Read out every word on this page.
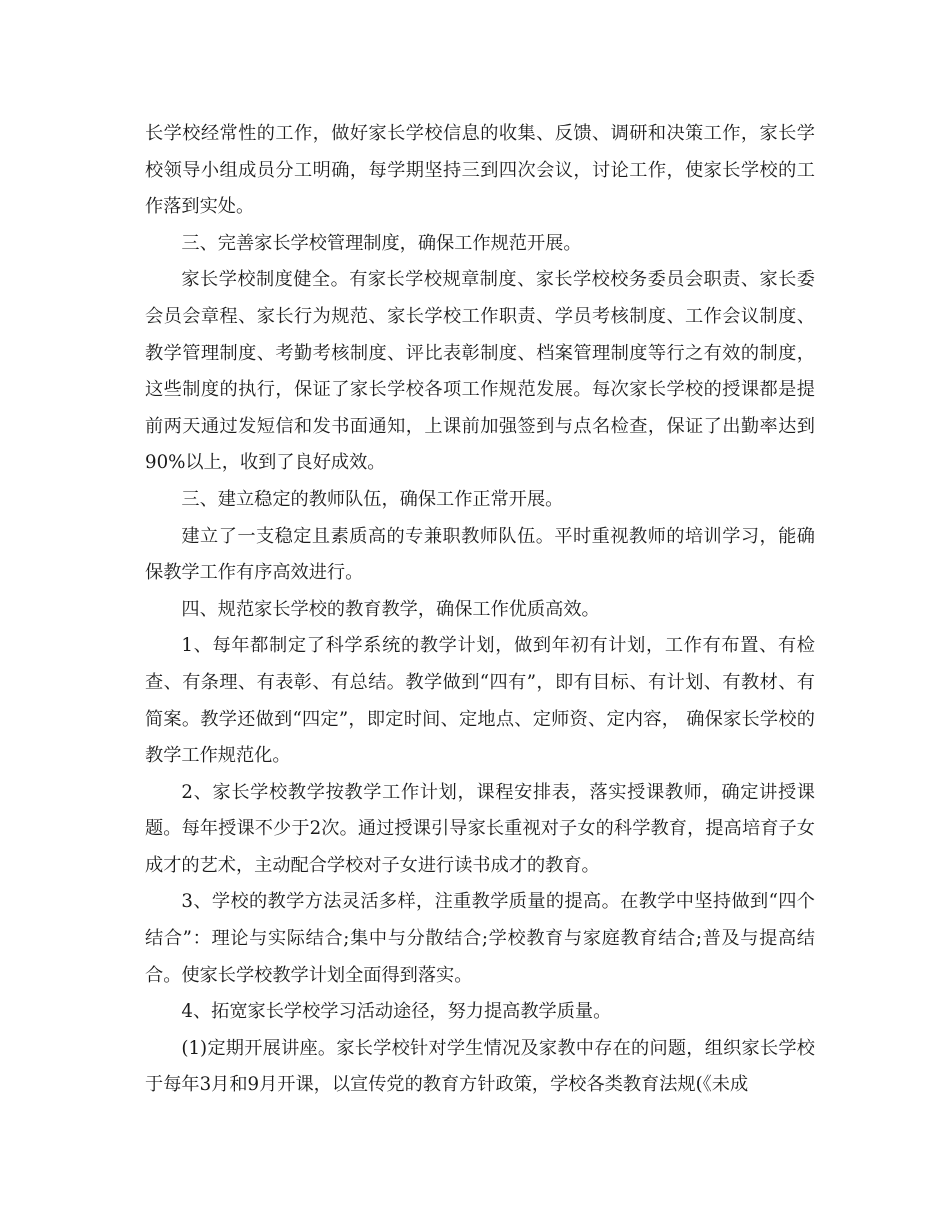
长学校经常性的工作，做好家长学校信息的收集、反馈、调研和决策工作，家长学校领导小组成员分工明确，每学期坚持三到四次会议，讨论工作，使家长学校的工作落到实处。

三、完善家长学校管理制度，确保工作规范开展。

家长学校制度健全。有家长学校规章制度、家长学校校务委员会职责、家长委会员会章程、家长行为规范、家长学校工作职责、学员考核制度、工作会议制度、教学管理制度、考勤考核制度、评比表彰制度、档案管理制度等行之有效的制度，这些制度的执行，保证了家长学校各项工作规范发展。每次家长学校的授课都是提前两天通过发短信和发书面通知，上课前加强签到与点名检查，保证了出勤率达到90%以上，收到了良好成效。

三、建立稳定的教师队伍，确保工作正常开展。

建立了一支稳定且素质高的专兼职教师队伍。平时重视教师的培训学习，能确保教学工作有序高效进行。

四、规范家长学校的教育教学，确保工作优质高效。

1、每年都制定了科学系统的教学计划，做到年初有计划，工作有布置、有检查、有条理、有表彰、有总结。教学做到“四有”，即有目标、有计划、有教材、有简案。教学还做到“四定”，即定时间、定地点、定师资、定内容， 确保家长学校的教学工作规范化。

2、家长学校教学按教学工作计划，课程安排表，落实授课教师，确定讲授课题。每年授课不少于2次。通过授课引导家长重视对子女的科学教育，提高培育子女成才的艺术，主动配合学校对子女进行读书成才的教育。

3、学校的教学方法灵活多样，注重教学质量的提高。在教学中坚持做到“四个结合”：理论与实际结合;集中与分散结合;学校教育与家庭教育结合;普及与提高结合。使家长学校教学计划全面得到落实。

4、拓宽家长学校学习活动途径，努力提高教学质量。

(1)定期开展讲座。家长学校针对学生情况及家教中存在的问题，组织家长学校于每年3月和9月开课，以宣传党的教育方针政策，学校各类教育法规(《未成
